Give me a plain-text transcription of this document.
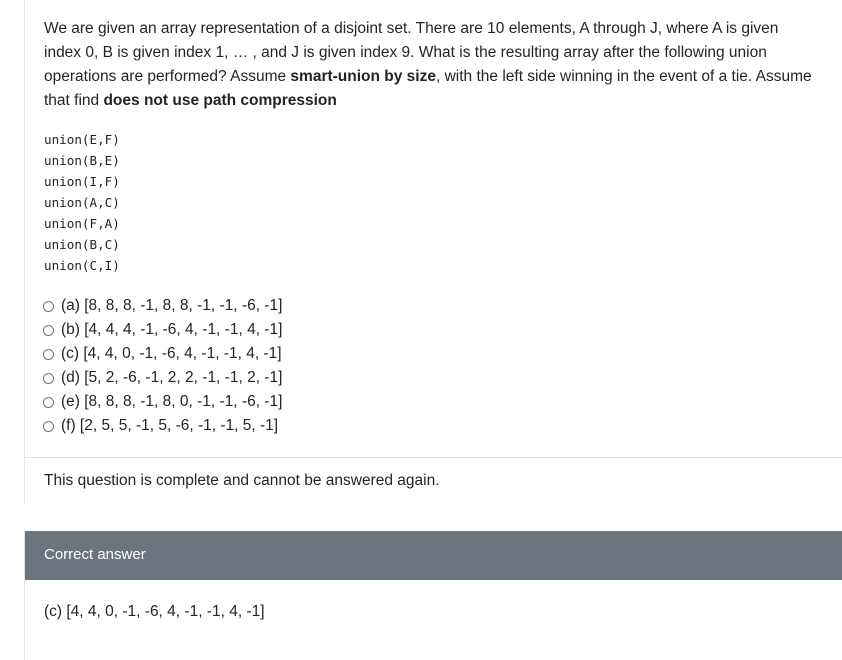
We are given an array representation of a disjoint set. There are 10 elements, A through J, where A is given index 0, B is given index 1, … , and J is given index 9. What is the resulting array after the following union operations are performed? Assume smart-union by size, with the left side winning in the event of a tie. Assume that find does not use path compression

union(E,F)
union(B,E)
union(I,F)
union(A,C)
union(F,A)
union(B,C)
union(C,I)
(a) [8, 8, 8, -1, 8, 8, -1, -1, -6, -1]
(b) [4, 4, 4, -1, -6, 4, -1, -1, 4, -1]
(c) [4, 4, 0, -1, -6, 4, -1, -1, 4, -1]
(d) [5, 2, -6, -1, 2, 2, -1, -1, 2, -1]
(e) [8, 8, 8, -1, 8, 0, -1, -1, -6, -1]
(f) [2, 5, 5, -1, 5, -6, -1, -1, 5, -1]
This question is complete and cannot be answered again.
Correct answer
(c) [4, 4, 0, -1, -6, 4, -1, -1, 4, -1]
